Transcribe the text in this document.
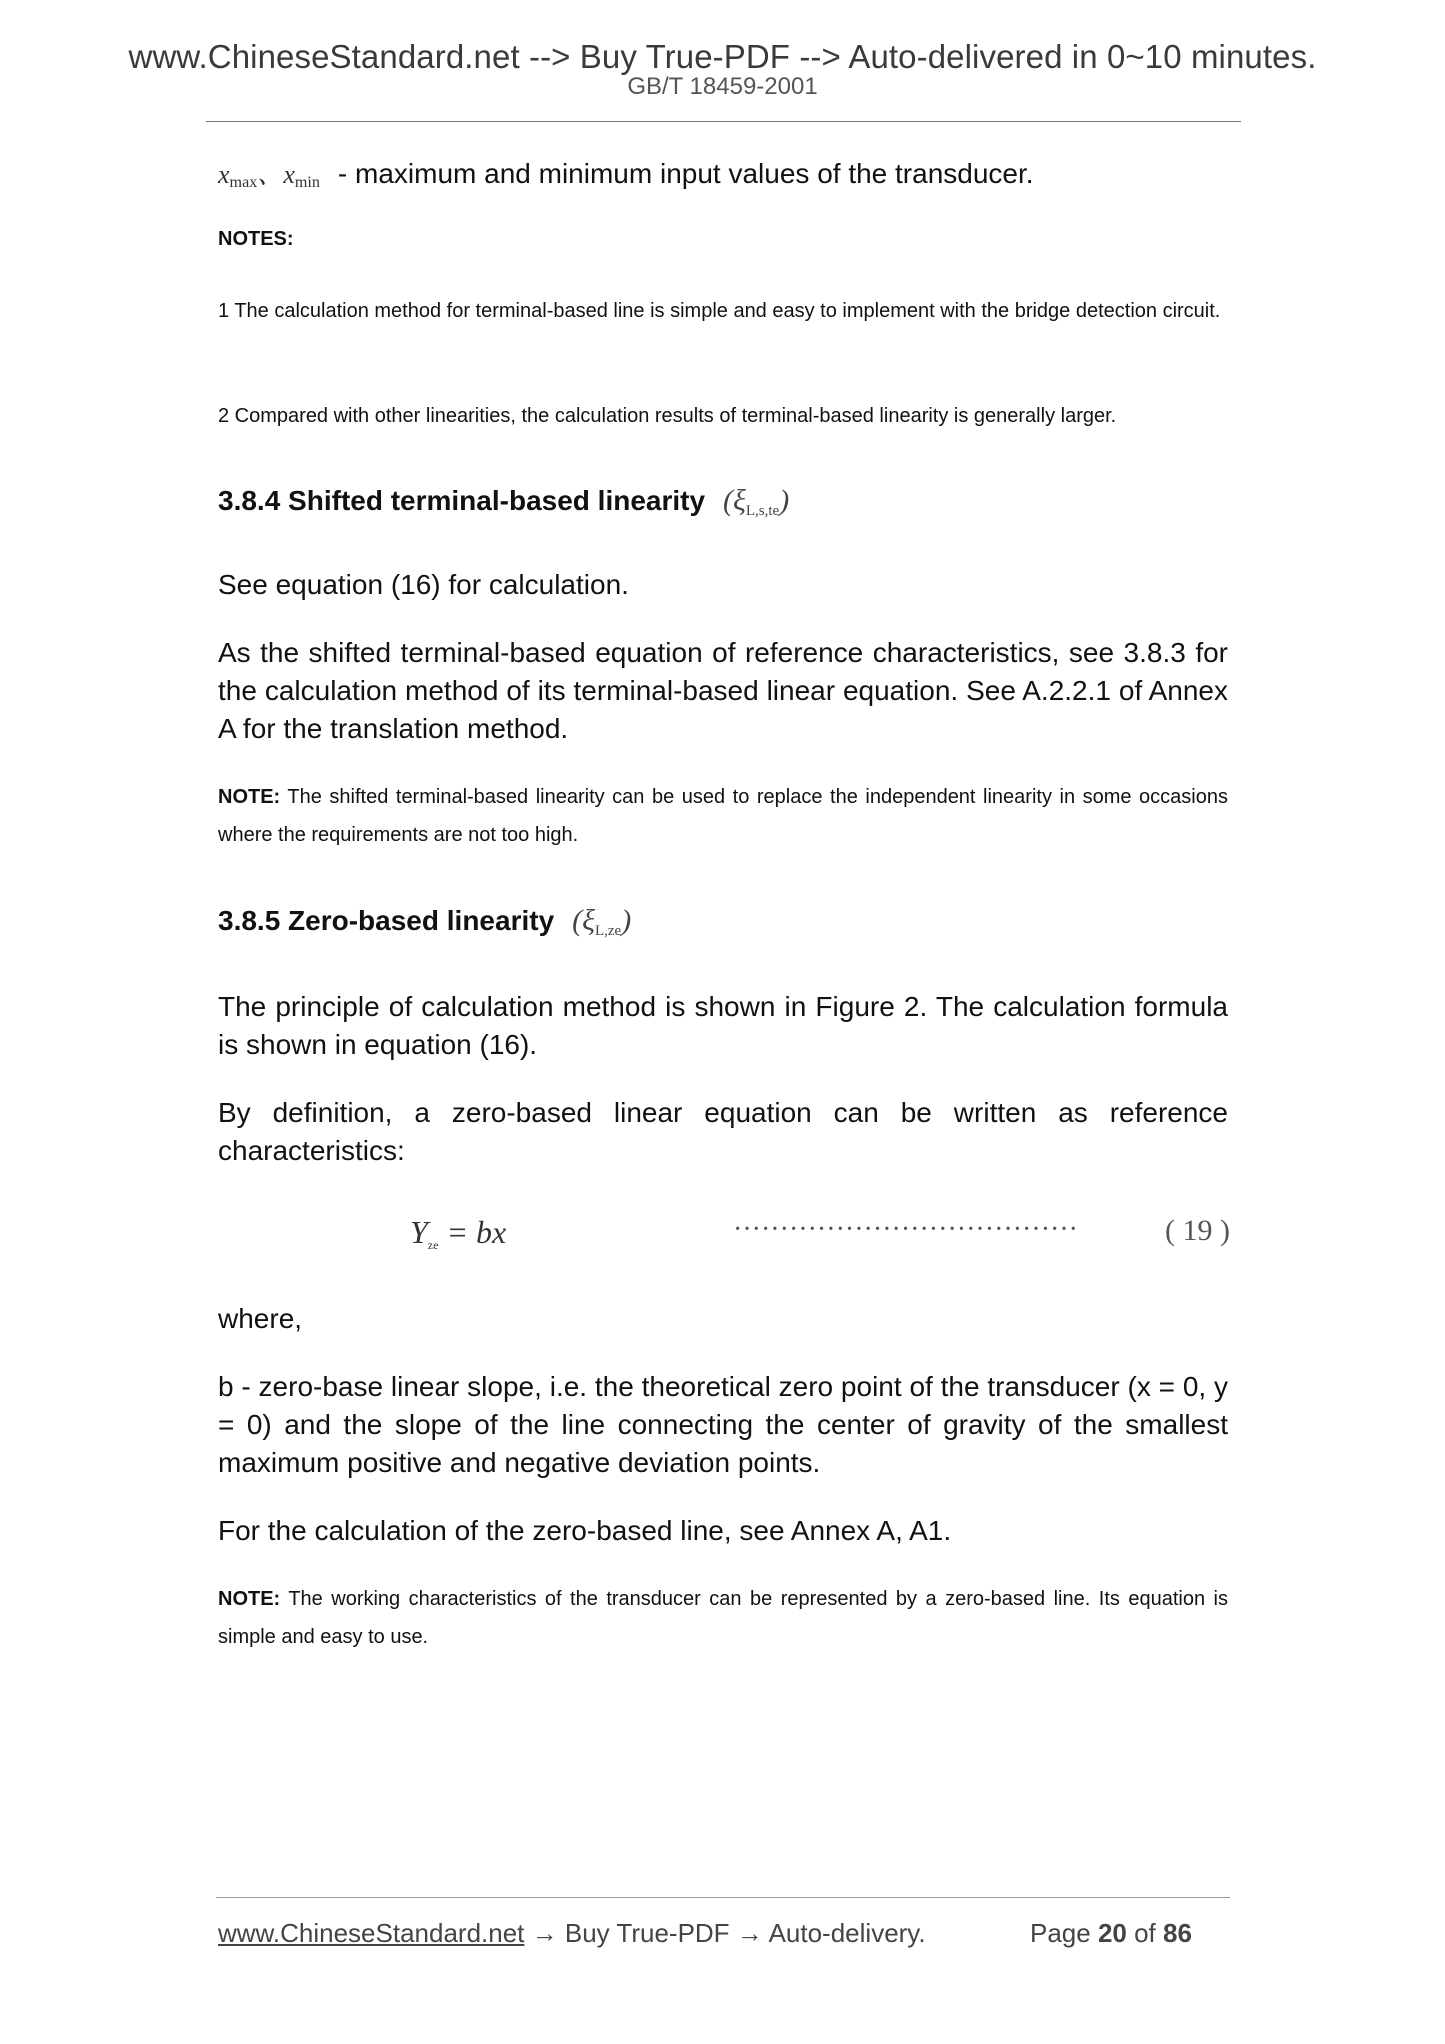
www.ChineseStandard.net --> Buy True-PDF --> Auto-delivered in 0~10 minutes.
GB/T 18459-2001
$x_{max}$、$x_{min}$ - maximum and minimum input values of the transducer.
NOTES:
1 The calculation method for terminal-based line is simple and easy to implement with the bridge detection circuit.
2 Compared with other linearities, the calculation results of terminal-based linearity is generally larger.
3.8.4 Shifted terminal-based linearity $(\xi_{L,s,te})$
See equation (16) for calculation.
As the shifted terminal-based equation of reference characteristics, see 3.8.3 for the calculation method of its terminal-based linear equation. See A.2.2.1 of Annex A for the translation method.
NOTE: The shifted terminal-based linearity can be used to replace the independent linearity in some occasions where the requirements are not too high.
3.8.5 Zero-based linearity $(\xi_{L,ze})$
The principle of calculation method is shown in Figure 2. The calculation formula is shown in equation (16).
By definition, a zero-based linear equation can be written as reference characteristics:
$Y_{ze}$ = bx	·····································	( 19 )
where,
b - zero-base linear slope, i.e. the theoretical zero point of the transducer (x = 0, y = 0) and the slope of the line connecting the center of gravity of the smallest maximum positive and negative deviation points.
For the calculation of the zero-based line, see Annex A, A1.
NOTE: The working characteristics of the transducer can be represented by a zero-based line. Its equation is simple and easy to use.
www.ChineseStandard.net → Buy True-PDF → Auto-delivery.	Page 20 of 86
